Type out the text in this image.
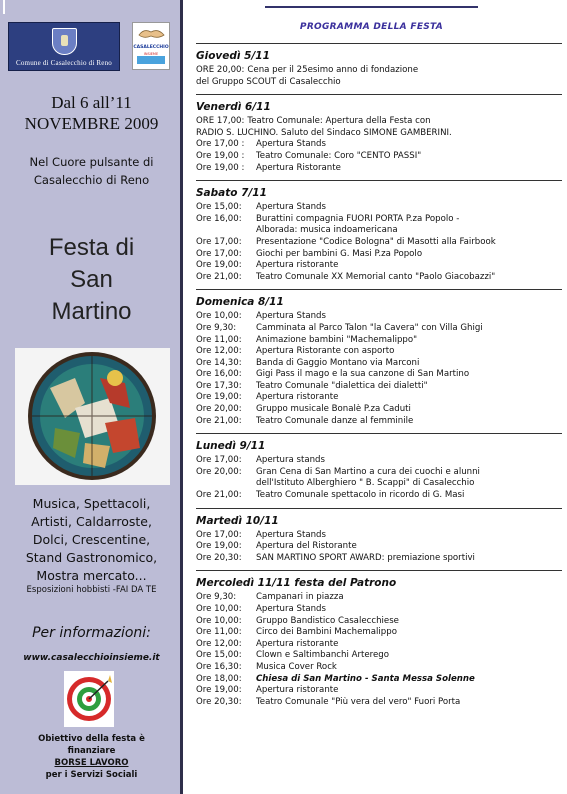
Comune di Casalecchio di Reno
CASALECCHIO
INSIEME
Dal 6 all’11
NOVEMBRE 2009
Nel Cuore pulsante di
Casalecchio di Reno
Festa di
San
Martino
Musica, Spettacoli,
Artisti, Caldarroste,
Dolci, Crescentine,
Stand Gastronomico,
Mostra mercato...
Esposizioni hobbisti -FAI DA TE
Per informazioni:
www.casalecchioinsieme.it
Obiettivo della festa è
finanziare
BORSE LAVORO
per i Servizi Sociali
PROGRAMMA DELLA FESTA
Giovedì 5/11
ORE 20,00: Cena per il 25esimo anno di fondazione
del Gruppo SCOUT di Casalecchio
Venerdì 6/11
ORE 17,00: Teatro Comunale: Apertura della Festa con
RADIO S. LUCHINO. Saluto del Sindaco SIMONE GAMBERINI.
Ore 17,00 :	Apertura Stands
Ore 19,00 :	Teatro Comunale: Coro "CENTO PASSI"
Ore 19,00 :	Apertura Ristorante
Sabato 7/11
Ore 15,00:	Apertura Stands
Ore 16,00:	Burattini compagnia FUORI PORTA P.za Popolo -
Alborada: musica indoamericana
Ore 17,00:	Presentazione "Codice Bologna" di Masotti alla Fairbook
Ore 17,00:	Giochi per bambini G. Masi P.za Popolo
Ore 19,00:	Apertura ristorante
Ore 21,00:	Teatro Comunale XX Memorial canto "Paolo Giacobazzi"
Domenica 8/11
Ore 10,00:	Apertura Stands
Ore 9,30:	Camminata al Parco Talon "la Cavera" con Villa Ghigi
Ore 11,00:	Animazione bambini "Machemalippo"
Ore 12,00:	Apertura Ristorante con asporto
Ore 14,30:	Banda di Gaggio Montano via Marconi
Ore 16,00:	Gigi Pass il mago e la sua canzone di San Martino
Ore 17,30:	Teatro Comunale "dialettica dei dialetti"
Ore 19,00:	Apertura ristorante
Ore 20,00:	Gruppo musicale Bonalè P.za Caduti
Ore 21,00:	Teatro Comunale danze al femminile
Lunedì 9/11
Ore 17,00:	Apertura stands
Ore 20,00:	Gran Cena di San Martino a cura dei cuochi e alunni
dell'Istituto Alberghiero " B. Scappi" di Casalecchio
Ore 21,00:	Teatro Comunale spettacolo in ricordo di G. Masi
Martedì 10/11
Ore 17,00:	Apertura Stands
Ore 19,00:	Apertura del Ristorante
Ore 20,30:	SAN MARTINO SPORT AWARD: premiazione sportivi
Mercoledì 11/11 festa del Patrono
Ore 9,30:	Campanari in piazza
Ore 10,00:	Apertura Stands
Ore 10,00:	Gruppo Bandistico Casalecchiese
Ore 11,00:	Circo dei Bambini Machemalippo
Ore 12,00:	Apertura ristorante
Ore 15,00:	Clown e Saltimbanchi Arterego
Ore 16,30:	Musica Cover Rock
Ore 18,00:	Chiesa di San Martino - Santa Messa Solenne
Ore 19,00:	Apertura ristorante
Ore 20,30:	Teatro Comunale "Più vera del vero" Fuori Porta
